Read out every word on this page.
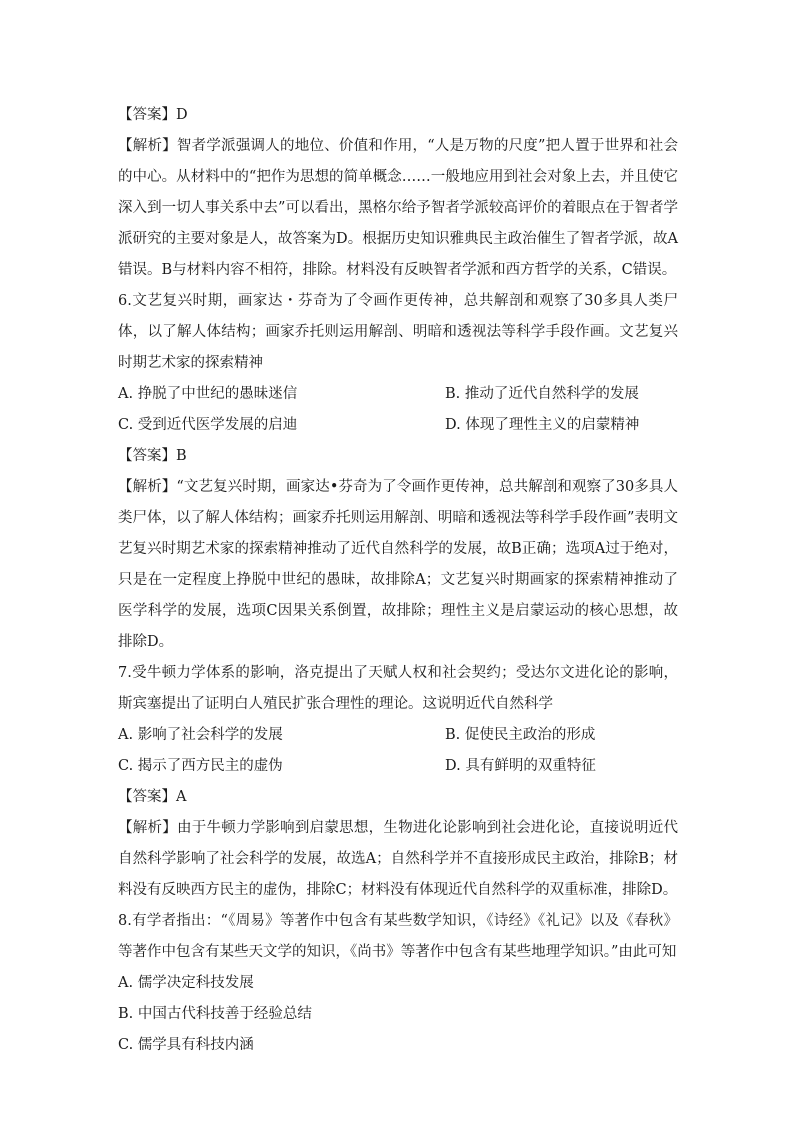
【答案】D

【解析】智者学派强调人的地位、价值和作用，“人是万物的尺度”把人置于世界和社会的中心。从材料中的“把作为思想的简单概念……一般地应用到社会对象上去，并且使它深入到一切人事关系中去”可以看出，黑格尔给予智者学派较高评价的着眼点在于智者学派研究的主要对象是人，故答案为D。根据历史知识雅典民主政治催生了智者学派，故A错误。B与材料内容不相符，排除。材料没有反映智者学派和西方哲学的关系，C错误。

6.文艺复兴时期，画家达・芬奇为了令画作更传神，总共解剖和观察了30多具人类尸体，以了解人体结构；画家乔托则运用解剖、明暗和透视法等科学手段作画。文艺复兴时期艺术家的探索精神

A. 挣脱了中世纪的愚昧迷信	B. 推动了近代自然科学的发展

C. 受到近代医学发展的启迪	D. 体现了理性主义的启蒙精神

【答案】B

【解析】“文艺复兴时期，画家达•芬奇为了令画作更传神，总共解剖和观察了30多具人类尸体，以了解人体结构；画家乔托则运用解剖、明暗和透视法等科学手段作画”表明文艺复兴时期艺术家的探索精神推动了近代自然科学的发展，故B正确；选项A过于绝对，只是在一定程度上挣脱中世纪的愚昧，故排除A；文艺复兴时期画家的探索精神推动了医学科学的发展，选项C因果关系倒置，故排除；理性主义是启蒙运动的核心思想，故排除D。

7.受牛顿力学体系的影响，洛克提出了天赋人权和社会契约；受达尔文进化论的影响，斯宾塞提出了证明白人殖民扩张合理性的理论。这说明近代自然科学

A. 影响了社会科学的发展	B. 促使民主政治的形成

C. 揭示了西方民主的虚伪	D. 具有鲜明的双重特征

【答案】A

【解析】由于牛顿力学影响到启蒙思想，生物进化论影响到社会进化论，直接说明近代自然科学影响了社会科学的发展，故选A；自然科学并不直接形成民主政治，排除B；材料没有反映西方民主的虚伪，排除C；材料没有体现近代自然科学的双重标准，排除D。

8.有学者指出：“《周易》等著作中包含有某些数学知识，《诗经》《礼记》以及《春秋》等著作中包含有某些天文学的知识，《尚书》等著作中包含有某些地理学知识。”由此可知

A. 儒学决定科技发展

B. 中国古代科技善于经验总结

C. 儒学具有科技内涵
